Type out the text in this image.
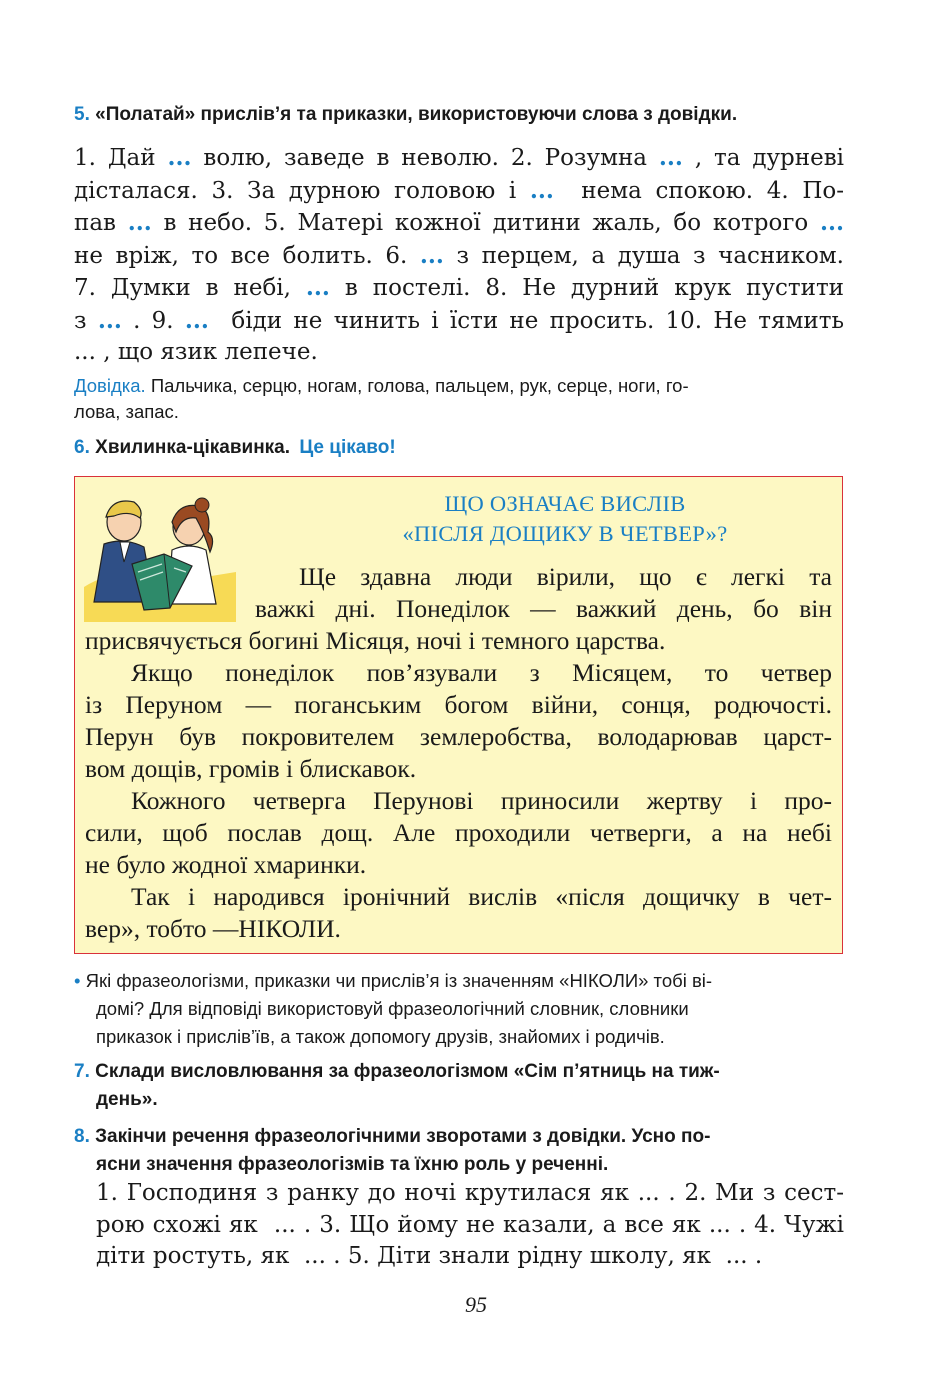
5. «Полатай» прислів’я та приказки, використовуючи слова з довідки.
1. Дай ... волю, заведе в неволю. 2. Розумна ... , та дурневі
дісталася. 3. За дурною головою і ...  нема спокою. 4. По-
пав ... в небо. 5. Матері кожної дитини жаль, бо котрого ...
не вріж, то все болить. 6. ... з перцем, а душа з часником.
7. Думки в небі, ... в постелі. 8. Не дурний крук пустити
з ... . 9. ...  біди не чинить і їсти не просить. 10. Не тямить
... , що язик лепече.
Довідка. Пальчика, серцю, ногам, голова, пальцем, рук, серце, ноги, го-
лова, запас.
6. Хвилинка-цікавинка. Це цікаво!
ЩО ОЗНАЧАЄ ВИСЛІВ
«ПІСЛЯ ДОЩИКУ В ЧЕТВЕР»?
Ще здавна люди вірили, що є легкі та
важкі дні. Понеділок — важкий день, бо він
присвячується богині Місяця, ночі і темного царства.
Якщо понеділок пов’язували з Місяцем, то четвер
із Перуном — поганським богом війни, сонця, родючості.
Перун був покровителем землеробства, володарював царст-
вом дощів, громів і блискавок.
Кожного четверга Перунові приносили жертву і про-
сили, щоб послав дощ. Але проходили четверги, а на небі
не було жодної хмаринки.
Так і народився іронічний вислів «після дощичку в чет-
вер», тобто —НІКОЛИ.
• Які фразеологізми, приказки чи прислів’я із значенням «НІКОЛИ» тобі ві-
домі? Для відповіді використовуй фразеологічний словник, словники
приказок і прислів’їв, а також допомогу друзів, знайомих і родичів.
7. Склади висловлювання за фразеологізмом «Сім п’ятниць на тиж-
день».
8. Закінчи речення фразеологічними зворотами з довідки. Усно по-
ясни значення фразеологізмів та їхню роль у реченні.
1. Господиня з ранку до ночі крутилася як ... . 2. Ми з сест-
рою схожі як  ... . 3. Що йому не казали, а все як ... . 4. Чужі
діти ростуть, як  ... . 5. Діти знали рідну школу, як  ... .
95
